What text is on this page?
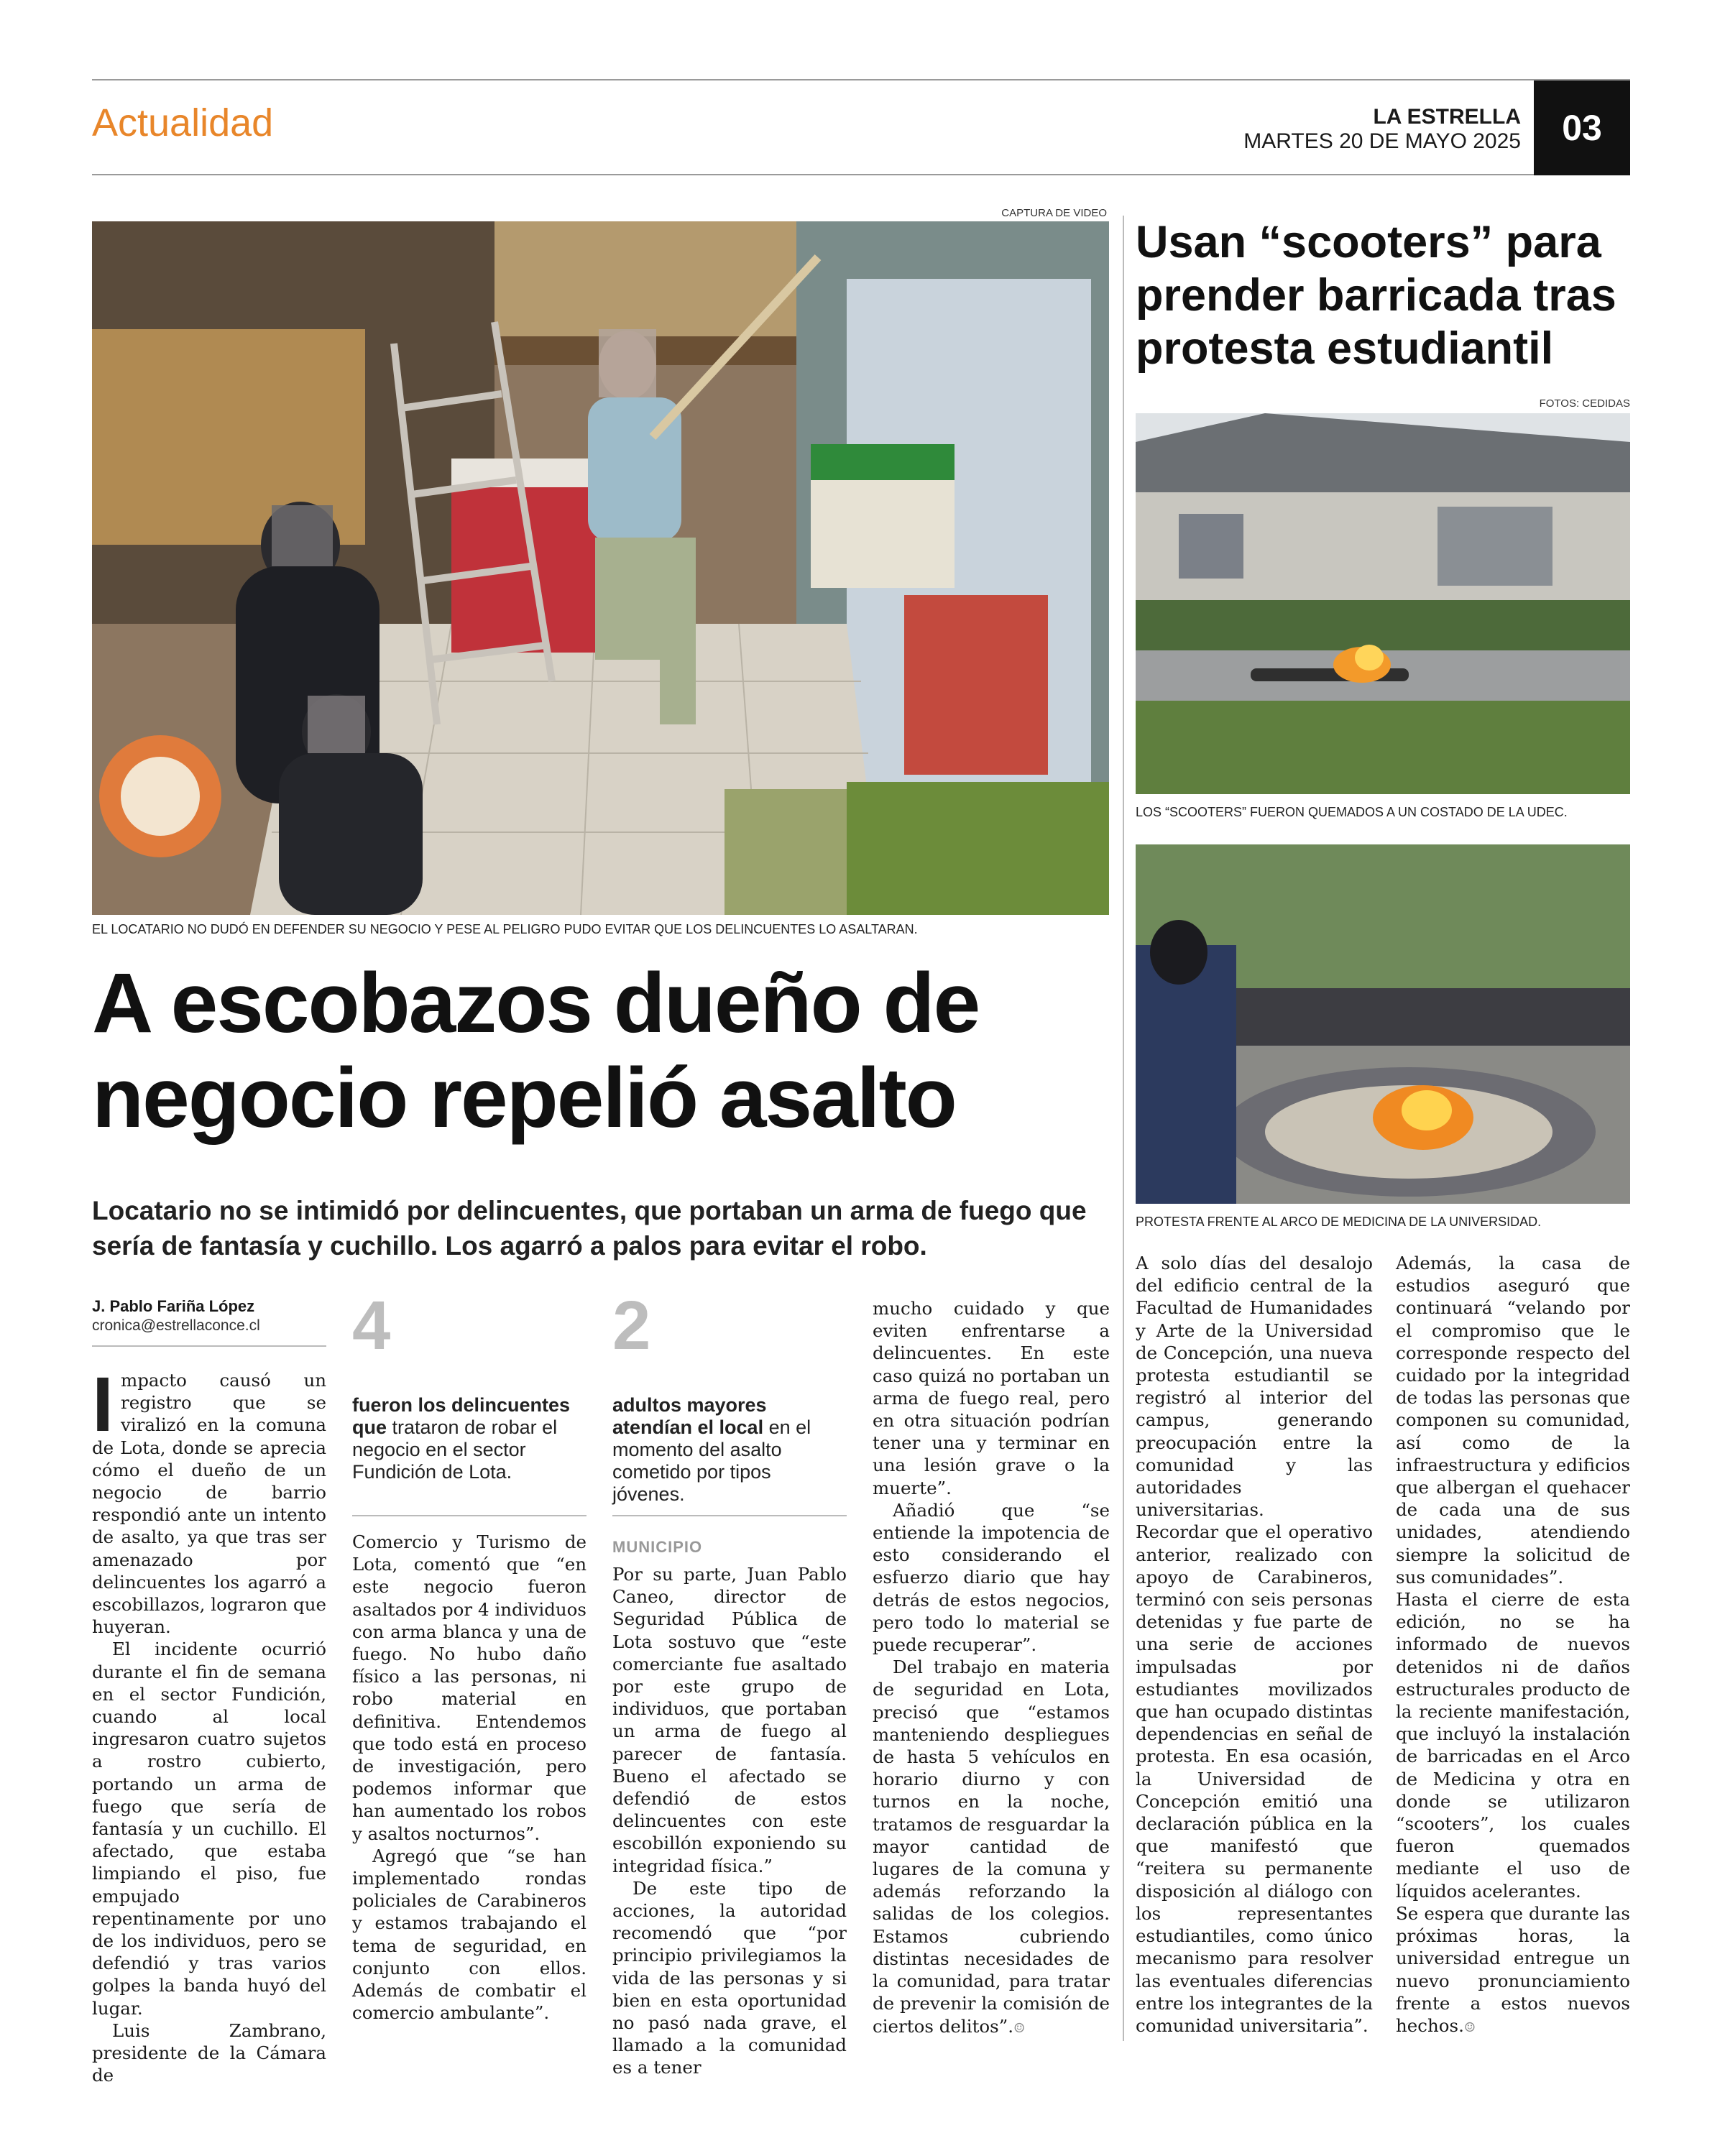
Actualidad	LA ESTRELLA
MARTES 20 DE MAYO 2025	03
CAPTURA DE VIDEO
EL LOCATARIO NO DUDÓ EN DEFENDER SU NEGOCIO Y PESE AL PELIGRO PUDO EVITAR QUE LOS DELINCUENTES LO ASALTARAN.
A escobazos dueño de
negocio repelió asalto
Locatario no se intimidó por delincuentes, que portaban un arma de fuego que sería de fantasía y cuchillo. Los agarró a palos para evitar el robo.
J. Pablo Fariña López
cronica@estrellaconce.cl

Impacto causó un registro que se viralizó en la comuna de Lota, donde se aprecia cómo el dueño de un negocio de barrio respondió ante un intento de asalto, ya que tras ser amenazado por delincuentes los agarró a escobillazos, lograron que huyeran.

El incidente ocurrió durante el fin de semana en el sector Fundición, cuando al local ingresaron cuatro sujetos a rostro cubierto, portando un arma de fuego que sería de fantasía y un cuchillo. El afectado, que estaba limpiando el piso, fue empujado repentinamente por uno de los individuos, pero se defendió y tras varios golpes la banda huyó del lugar.

Luis Zambrano, presidente de la Cámara de

4
fueron los delincuentes que trataron de robar el negocio en el sector Fundición de Lota.

Comercio y Turismo de Lota, comentó que “en este negocio fueron asaltados por 4 individuos con arma blanca y una de fuego. No hubo daño físico a las personas, ni robo material en definitiva. Entendemos que todo está en proceso de investigación, pero podemos informar que han aumentado los robos y asaltos nocturnos”.

Agregó que “se han implementado rondas policiales de Carabineros y estamos trabajando el tema de seguridad, en conjunto con ellos. Además de combatir el comercio ambulante”.

2
adultos mayores atendían el local en el momento del asalto cometido por tipos jóvenes.
MUNICIPIO

Por su parte, Juan Pablo Caneo, director de Seguridad Pública de Lota sostuvo que “este comerciante fue asaltado por este grupo de individuos, que portaban un arma de fuego al parecer de fantasía. Bueno el afectado se defendió de estos delincuentes con este escobillón exponiendo su integridad física.”

De este tipo de acciones, la autoridad recomendó que “por principio privilegiamos la vida de las personas y si bien en esta oportunidad no pasó nada grave, el llamado a la comunidad es a tener

mucho cuidado y que eviten enfrentarse a delincuentes. En este caso quizá no portaban un arma de fuego real, pero en otra situación podrían tener una y terminar en una lesión grave o la muerte”.

Añadió que “se entiende la impotencia de esto considerando el esfuerzo diario que hay detrás de estos negocios, pero todo lo material se puede recuperar”.

Del trabajo en materia de seguridad en Lota, precisó que “estamos manteniendo despliegues de hasta 5 vehículos en horario diurno y con turnos en la noche, tratamos de resguardar la mayor cantidad de lugares de la comuna y además reforzando la salidas de los colegios. Estamos cubriendo distintas necesidades de la comunidad, para tratar de prevenir la comisión de ciertos delitos”.☺

Usan “scooters” para prender barricada tras protesta estudiantil
FOTOS: CEDIDAS
LOS “SCOOTERS” FUERON QUEMADOS A UN COSTADO DE LA UDEC.
PROTESTA FRENTE AL ARCO DE MEDICINA DE LA UNIVERSIDAD.

A solo días del desalojo del edificio central de la Facultad de Humanidades y Arte de la Universidad de Concepción, una nueva protesta estudiantil se registró al interior del campus, generando preocupación entre la comunidad y las autoridades universitarias.

Recordar que el operativo anterior, realizado con apoyo de Carabineros, terminó con seis personas detenidas y fue parte de una serie de acciones impulsadas por estudiantes movilizados que han ocupado distintas dependencias en señal de protesta. En esa ocasión, la Universidad de Concepción emitió una declaración pública en la que manifestó que “reitera su permanente disposición al diálogo con los representantes estudiantiles, como único mecanismo para resolver las eventuales diferencias entre los integrantes de la comunidad universitaria”.

Además, la casa de estudios aseguró que continuará “velando por el compromiso que le corresponde respecto del cuidado por la integridad de todas las personas que componen su comunidad, así como de la infraestructura y edificios que albergan el quehacer de cada una de sus unidades, atendiendo siempre la solicitud de sus comunidades”.

Hasta el cierre de esta edición, no se ha informado de nuevos detenidos ni de daños estructurales producto de la reciente manifestación, que incluyó la instalación de barricadas en el Arco de Medicina y otra en donde se utilizaron “scooters”, los cuales fueron quemados mediante el uso de líquidos acelerantes.

Se espera que durante las próximas horas, la universidad entregue un nuevo pronunciamiento frente a estos nuevos hechos.☺
